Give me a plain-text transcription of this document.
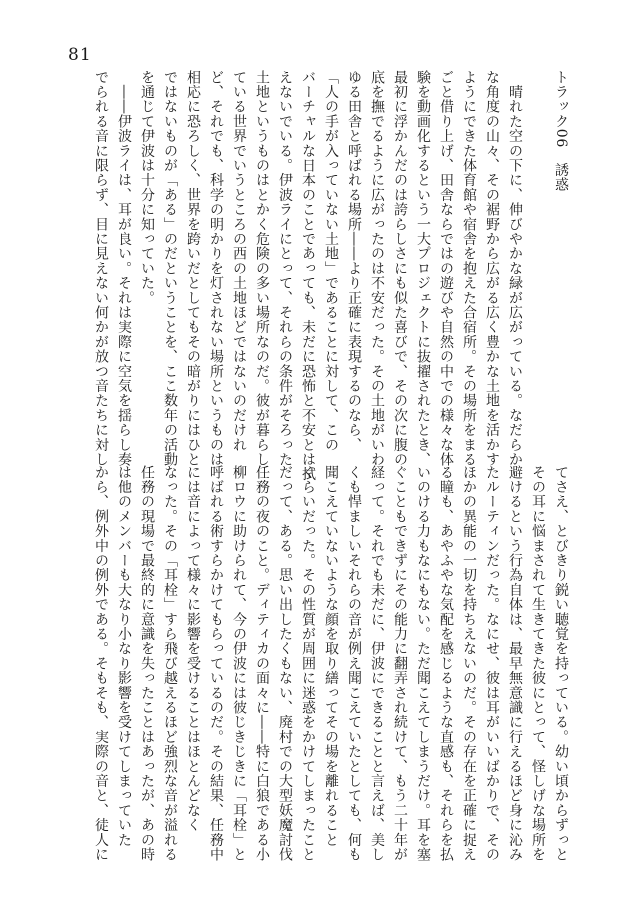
81
トラック06　誘惑
　晴れた空の下に、伸びやかな緑が広がっている。なだらか
な角度の山々、その裾野から広がる広く豊かな土地を活かす
ようにできた体育館や宿舎を抱えた合宿所。その場所をまる
ごと借り上げ、田舎ならではの遊びや自然の中での様々な体
験を動画化するという一大プロジェクトに抜擢されたとき、
最初に浮かんだのは誇らしさにも似た喜びで、その次に腹の
底を撫でるように広がったのは不安だった。その土地がいわ
ゆる田舎と呼ばれる場所――より正確に表現するのなら、
「人の手が入っていない土地」であることに対して、この
バーチャルな日本のことであっても、未だに恐怖と不安とは拭
えないでいる。伊波ライにとって、それらの条件がそろった
土地というものはとかく危険の多い場所なのだ。彼が暮らし
ている世界でいうところの西の土地ほどではないのだけれ
ど、それでも、科学の明かりを灯されない場所というものは
相応に恐ろしく、世界を跨いだとしてもその暗がりにはひと
ではないものが「ある」のだということを、ここ数年の活動
を通じて伊波は十分に知っていた。
　――伊波ライは、耳が良い。それは実際に空気を揺らし奏
でられる音に限らず、目に見えない何かが放つ音たちに対し
てさえ、とびきり鋭い聴覚を持っている。幼い頃からずっと
その耳に悩まされて生きてきた彼にとって、怪しげな場所を
避けるという行為自体は、最早無意識に行えるほど身に沁み
たルーティンだった。なにせ、彼は耳がいいばかりで、その
ほかの異能の一切を持ちえないのだ。その存在を正確に捉え
る瞳も、あやふやな気配を感じるような直感も、それらを払
いのける力もなにもない。ただ聞こえてしまうだけ。耳を塞
ぐこともできずにその能力に翻弄され続けて、もう二十年が
経って。それでも未だに、伊波にできることと言えば、美し
くも悍ましいそれらの音が例え聞こえていたとしても、何も
聞こえていないような顔を取り繕ってその場を離れること
くらいだった。その性質が周囲に迷惑をかけてしまったこと
だって、ある。思い出したくもない、廃村での大型妖魔討伐
任務の夜のこと。ディティカの面々に――特に白狼である小
柳ロウに助けられて、今の伊波には彼じきじきに「耳栓」と
呼ばれる術すらかけてもらっているのだ。その結果、任務中
には音によって様々に影響を受けることはほとんどなく
なった。その「耳栓」すら飛び越えるほど強烈な音が溢れる
任務の現場で最終的に意識を失ったことはあったが、あの時
は他のメンバーも大なり小なり影響を受けてしまっていた
から、例外中の例外である。そもそも、実際の音と、徒人に
